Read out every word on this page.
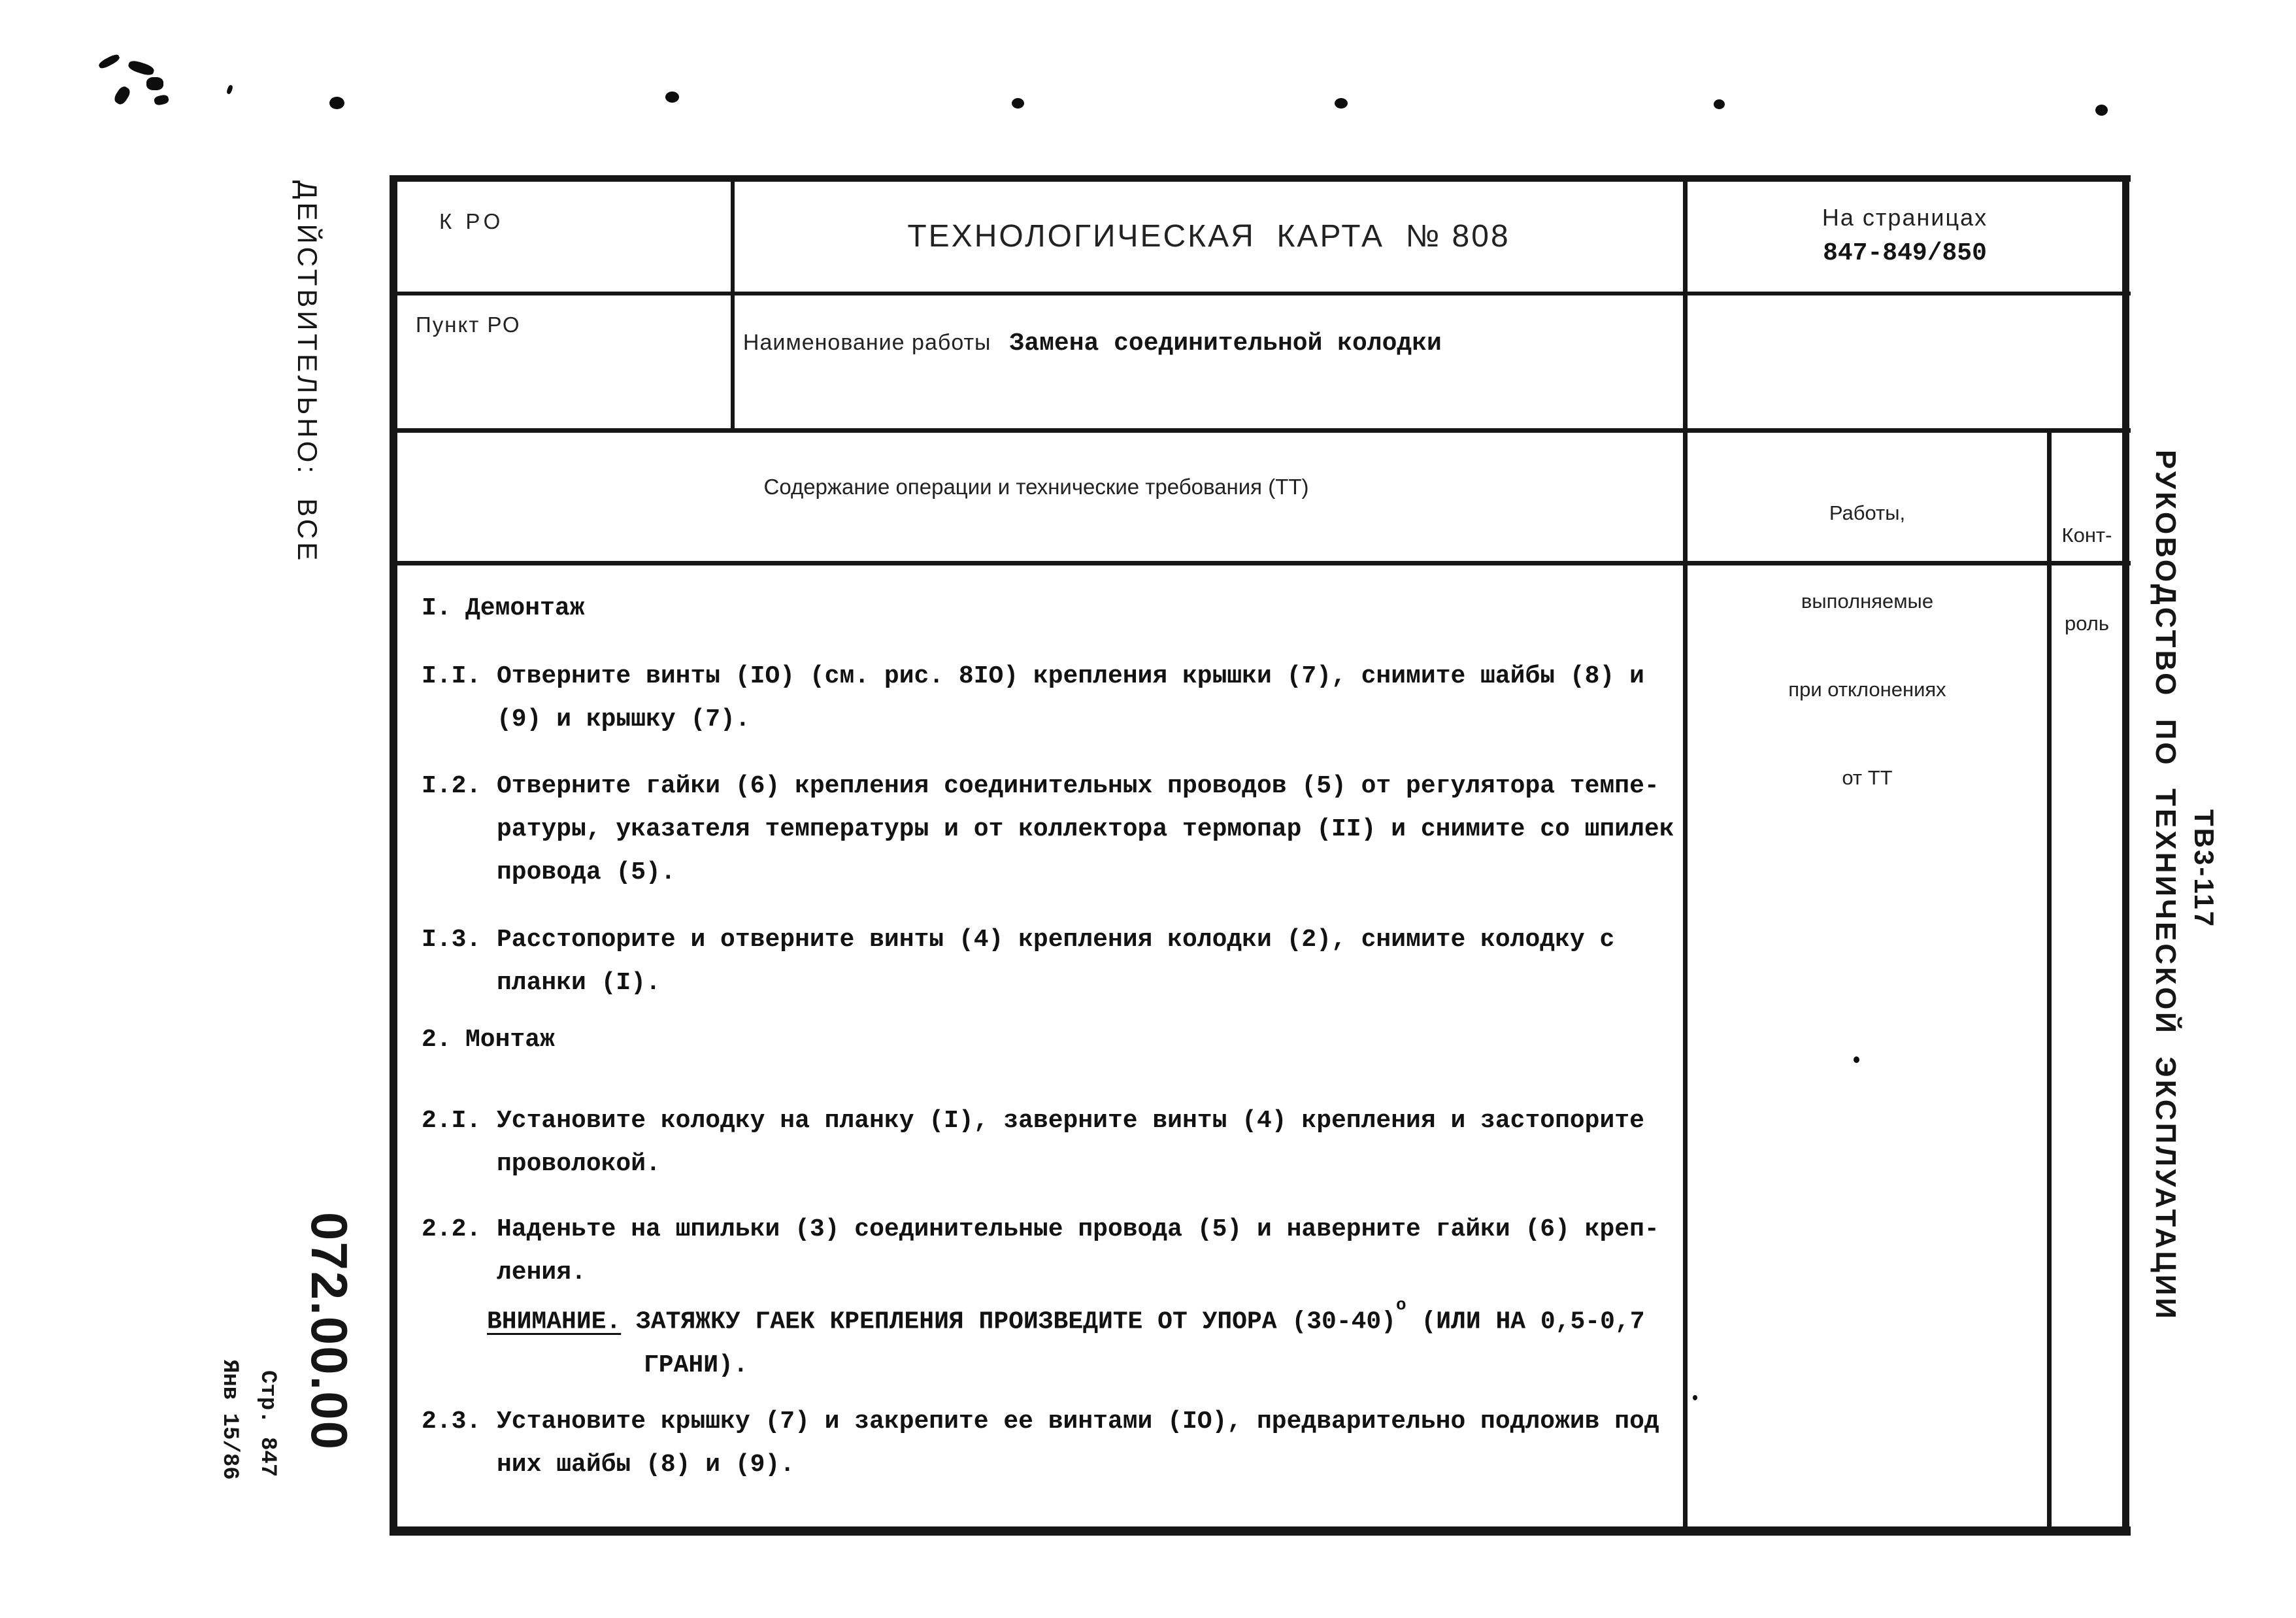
ДЕЙСТВИТЕЛЬНО:  ВСЕ
072.00.00
Стр. 847
Янв 15/86
РУКОВОДСТВО  ПО  ТЕХНИЧЕСКОЙ  ЭКСПЛУАТАЦИИ ТВ3-117
К РО	ТЕХНОЛОГИЧЕСКАЯ  КАРТА  № 808
На страницах
847-849/850
Пункт РО

Наименование работы Замена соединительной колодки

Содержание операции и технические требования (ТТ)

Работы,

выполняемые

при отклонениях

от ТТ

Конт-

роль

I. Демонтаж
I.I. Отверните винты (IO) (см. рис. 8IO) крепления крышки (7), снимите шайбы (8) и
(9) и крышку (7).
I.2. Отверните гайки (6) крепления соединительных проводов (5) от регулятора темпе-
ратуры, указателя температуры и от коллектора термопар (II) и снимите со шпилек
провода (5).
I.3. Расстопорите и отверните винты (4) крепления колодки (2), снимите колодку с
планки (I).
2. Монтаж
2.I. Установите колодку на планку (I), заверните винты (4) крепления и застопорите
проволокой.
2.2. Наденьте на шпильки (3) соединительные провода (5) и наверните гайки (6) креп-
ления.
ВНИМАНИЕ. ЗАТЯЖКУ ГАЕК КРЕПЛЕНИЯ ПРОИЗВЕДИТЕ ОТ УПОРА $(30-40)^о$ (ИЛИ НА 0,5-0,7
ГРАНИ).
2.3. Установите крышку (7) и закрепите ее винтами (IO), предварительно подложив под
них шайбы (8) и (9).
